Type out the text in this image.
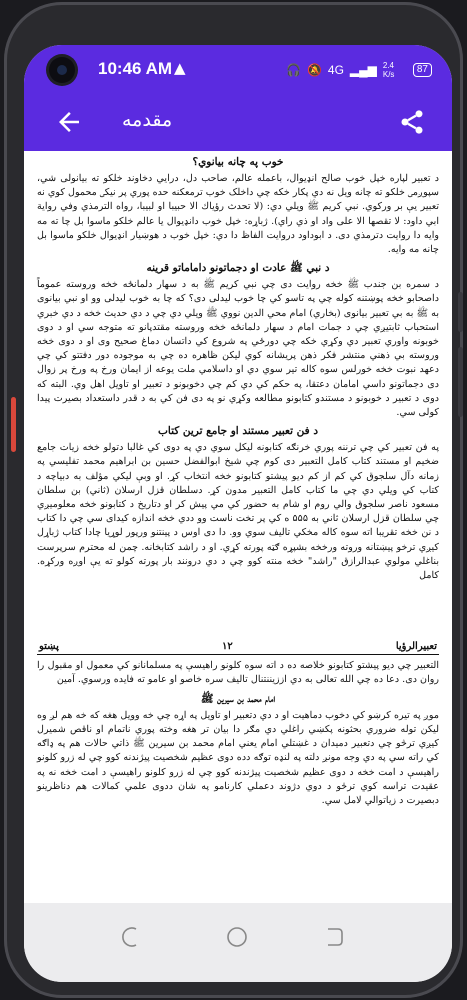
10:46 AM ▲	🎧 🔕 4G ▂▄▆ 2.4 K/s	87
مقدمه
خوب په چانه بیانوي؟

د تعبير لپاره خپل خوب صالح انډيوال، باعمله عالم، صاحب دل، درايي دخاوند خلکو ته بيانولی شي، سپوږمۍ خلکو ته چانه ويل نه دي پکار خکه چي داخلک خوب ترمعکنه حده پوري پر نيکۍ محمول کوي نه تعبير يې بر ورکوي. نبي کريم ﷺ ويلي دي: (لا تحدث رؤياك الا حبيبا او لبيبا، رواه الترمذي وفي رواية ابي داود: لا تقصها الا على واد او ذي راي). ژباړه: خپل خوب دانډيوال يا عالم خلکو ماسوا بل چا ته مه وايه دا روايت دترمذي دی. د ابوداود دروايت الفاظ دا دي: خپل خوب د هوښيار انډيوال خلکو ماسوا بل چانه مه وايه.

د نبي ﷺ عادت او دجماتونو داماماتو قرينه

د سمره بن جندب ﷺ خخه روايت دی چي نبي کريم ﷺ به د سهار دلمانځه خخه وروسته عموماً داصحابو خخه پوښتنه کوله چي په تاسو کي چا خوب ليدلی دی؟ که چا به خوب ليدلی وو او نبي بيانوی به ﷺ به بي تعبير بيانوی (بخاري) امام محي الدين نووي ﷺ ويلي دي چي د دي حديث خخه د دي خبري استحباب ثابتيږي چي د جمات امام د سهار دلمانځه خخه وروسته مقتدپانو ته متوجه سي او د دوی خوبونه واوري تعبير دي وکړي خکه چي دورځي په شروع کي داتسان دماغ صحيح وی او د دوی خخه وروسته بي ذهني منتشر فکر ذهن پريشانه کوي ليکن ظاهره ده چي به موجوده دور دفتتو کي چي دعهد نبوت خخه خورلس سوه کاله تير سوي دي او داسلامي ملت يوعه از ايمان ورخ په ورخ پر زوال دی دجماتونو داسي امامان دعتقا، په حکم کي دي کم چي دخوبونو د تعبير او تاويل اهل وي. البته که دوی د تعبير د خوبونو د مستندو کتابونو مطالعه وکړي نو په دی فن کي به د قدر داستعداد بصيرت پيدا کولی سي.

د فن تعبير مستند او جامع ترين کتاب

په فن تعبير کي چي ترننه پوري خرنګه کتابونه ليکل سوي دي په دوی کي غالبا دتولو خخه زيات جامع ضخيم او مستند کتاب کامل التعبير دی کوم چي شيخ ابوالفضل حسين بن ابراهيم محمد تفليسي په زمانه دآل سلجوق کي کم از کم ديو پيشتو کتابونو خخه انتخاب کړ. او وبې ليکي مؤلف به دبياچه د کتاب کي ويلي دي چي ما کتاب کامل التعبير مدون کړ. دسلطان قزل ارسلان (ثاني) بن سلطان مسعود ناصر سلجوق والي روم او شام به حضور کي مي پيش کر او دتاريخ د کتابونو خخه معلوميږي چي سلطان قزل ارسلان ثاني به ۵۵۵ ه کي پر تخت ناست وو ددي خخه اندازه کيدای سي چي دا کتاب د نن خخه تقريبا اته سوه کاله مخکي تاليف سوي وو. دا دی اوس د پينتنو ورپور لوړيا چادا کتاب ژباړل کيږي ترخو پيښتانه وروته ورخخه بشپړه ګټه پورته کړي. او د راشد کتابخانه. چمن له محترم سرپرست بناغلي مولوي عبدالرازق "راشد" خخه منته کوو چي د دي درونند بار پورته کولو ته يې اوږه ورکړه. کامل

تعبيرالرؤيا
۱۲
پښتو

التعبير چي ديو پيشتو کتابونو خلاصه ده د اته سوه کلونو راهيسې په مسلمانانو کي معمول او مقبول را روان دی. دعا ده چي الله تعالی به دي اززيننتنال تاليف سره خاصو او عامو ته فايده ورسوي. آمين

امام محمد بن سيرين ﷺ

موږ په تيره کرښو کي دخوب دماهيت او د دي دتعبير او تاويل په اړه چي خه وويل هغه که خه هم لږ وه ليکن توله ضروري بحثونه پکښي راغلي دي مګر دا بيان تر هغه وخته پوري ناتمام او ناقص شميرل کيږي ترڅو چي دتعبير دميدان د غښتلي امام يعني امام محمد بن سيرين ﷺ ذاتي حالات هم په ډاګه کي راته سي په دي وجه مونږ دلته په لنډه توګه دده دوی عظيم شخصيت پيژندنه کوو چي له زرو کلونو راهيسې د امت خخه د دوی عظيم شخصيت پيژندنه کوو چي له زرو کلونو راهيسې د امت خخه نه په عقيدت تراسه کوي ترڅو د دوي دژوند دعملي کارنامو په شان ددوی علمي کمالات هم دناظرينو دبصيرت د زياتوالي لامل سي.
